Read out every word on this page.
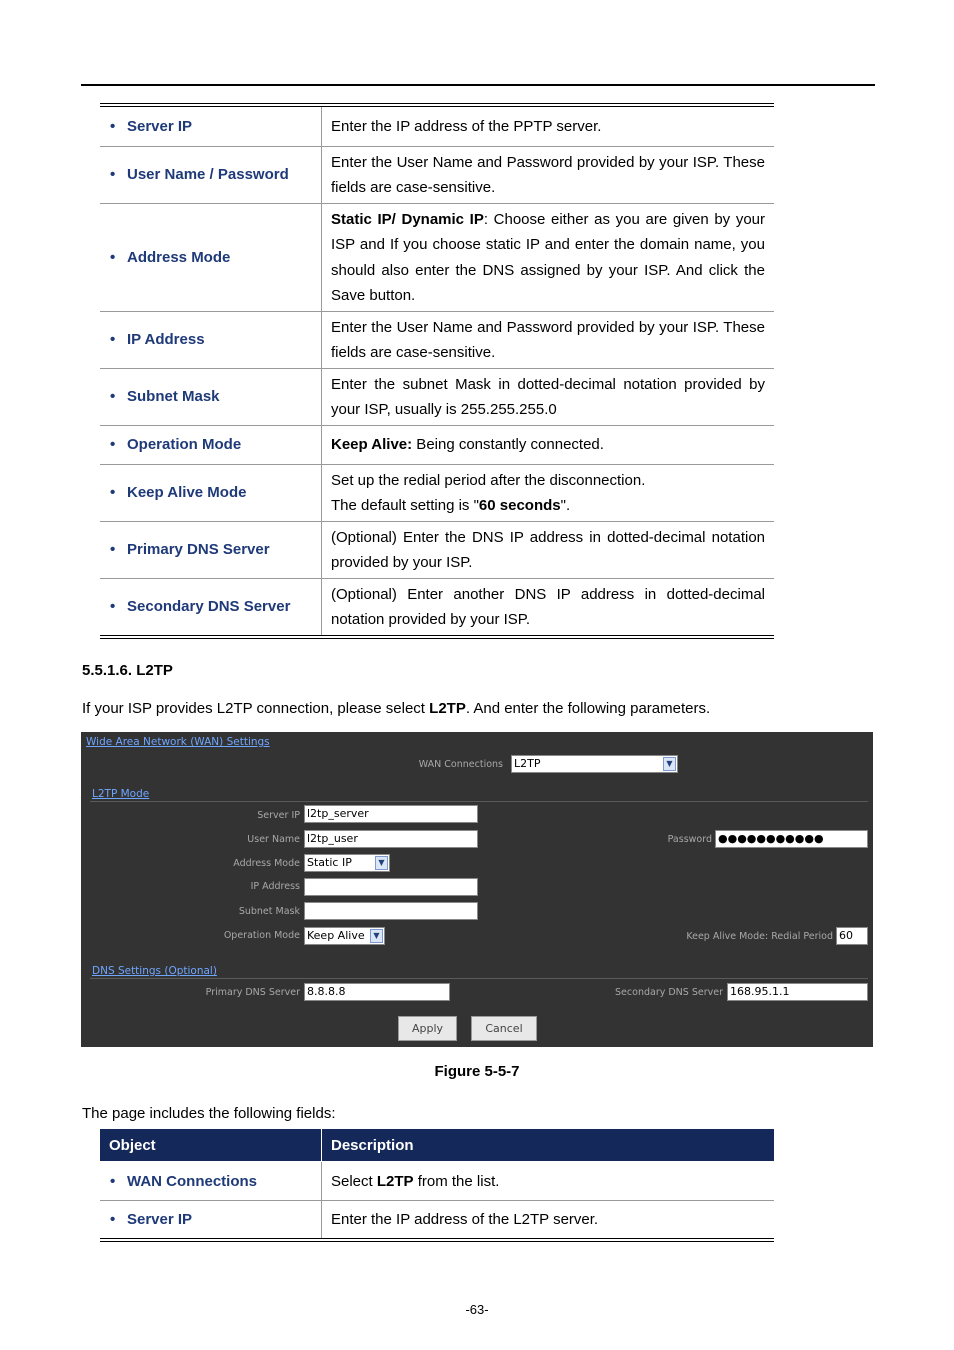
• Server IP	Enter the IP address of the PPTP server.
• User Name / Password	Enter the User Name and Password provided by your ISP. These fields are case-sensitive.
• Address Mode	Static IP/ Dynamic IP: Choose either as you are given by your ISP and If you choose static IP and enter the domain name, you should also enter the DNS assigned by your ISP. And click the Save button.
• IP Address	Enter the User Name and Password provided by your ISP. These fields are case-sensitive.
• Subnet Mask	Enter the subnet Mask in dotted-decimal notation provided by your ISP, usually is 255.255.255.0
• Operation Mode	Keep Alive: Being constantly connected.
• Keep Alive Mode	Set up the redial period after the disconnection.
The default setting is "60 seconds".
• Primary DNS Server	(Optional) Enter the DNS IP address in dotted-decimal notation provided by your ISP.
• Secondary DNS Server	(Optional) Enter another DNS IP address in dotted-decimal notation provided by your ISP.
5.5.1.6. L2TP
If your ISP provides L2TP connection, please select L2TP. And enter the following parameters.
Wide Area Network (WAN) Settings
WAN Connections L2TP	▼
L2TP Mode
Server IP l2tp_server
User Name l2tp_user	Password ●●●●●●●●●●●
Address Mode Static IP	▼
IP Address
Subnet Mask
Operation Mode Keep Alive	▼	Keep Alive Mode: Redial Period 60
DNS Settings (Optional)
Primary DNS Server 8.8.8.8	Secondary DNS Server 168.95.1.1
Apply	Cancel
Figure 5-5-7
The page includes the following fields:
Object	Description
• WAN Connections	Select L2TP from the list.
• Server IP	Enter the IP address of the L2TP server.
-63-
